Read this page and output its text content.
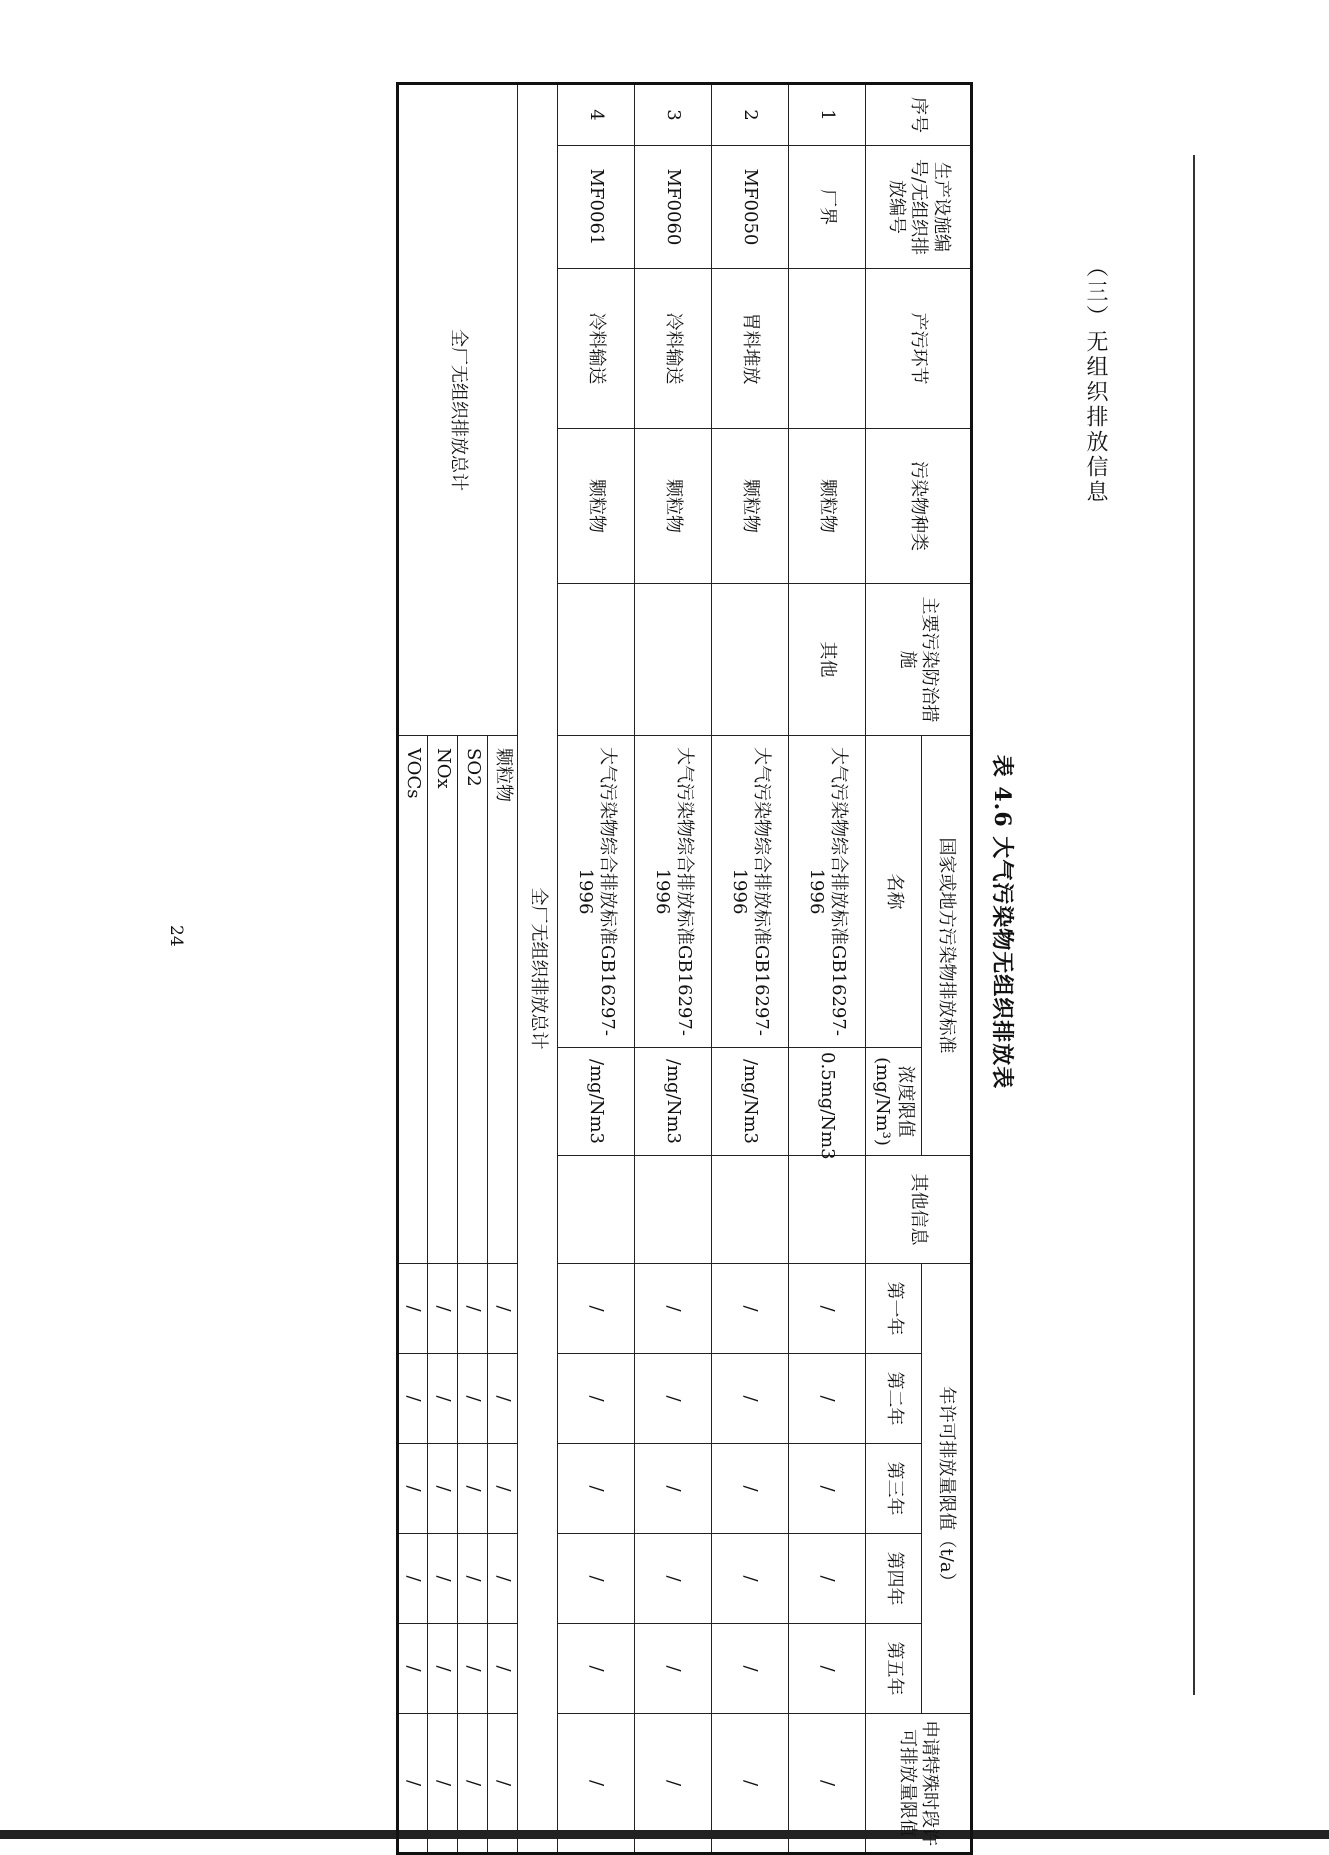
（三）无组织排放信息
24	表 4.6 大气污染物无组织排放表
序号	生产设施编号/无组织排放编号	产污环节	污染物种类	主要污染防治措施	国家或地方污染物排放标准		其他信息	年许可排放量限值（t/a）					申请特殊时段许可排放量限值
					名称	浓度限值(mg/Nm³)		第一年	第二年	第三年	第四年	第五年	
1	厂界		颗粒物	其他	大气污染物综合排放标准GB16297-1996	0.5mg/Nm3		/	/	/	/	/	/
2	MF0050	胃料堆放	颗粒物		大气污染物综合排放标准GB16297-1996	/mg/Nm3		/	/	/	/	/	/
3	MF0060	冷料输送	颗粒物		大气污染物综合排放标准GB16297-1996	/mg/Nm3		/	/	/	/	/	/
4	MF0061	冷料输送	颗粒物		大气污染物综合排放标准GB16297-1996	/mg/Nm3		/	/	/	/	/	/
全厂无组织排放总计													
全厂无组织排放总计					颗粒物			/	/	/	/	/	/
					SO2			/	/	/	/	/	/
					NOx			/	/	/	/	/	/
					VOCs			/	/	/	/	/	/
